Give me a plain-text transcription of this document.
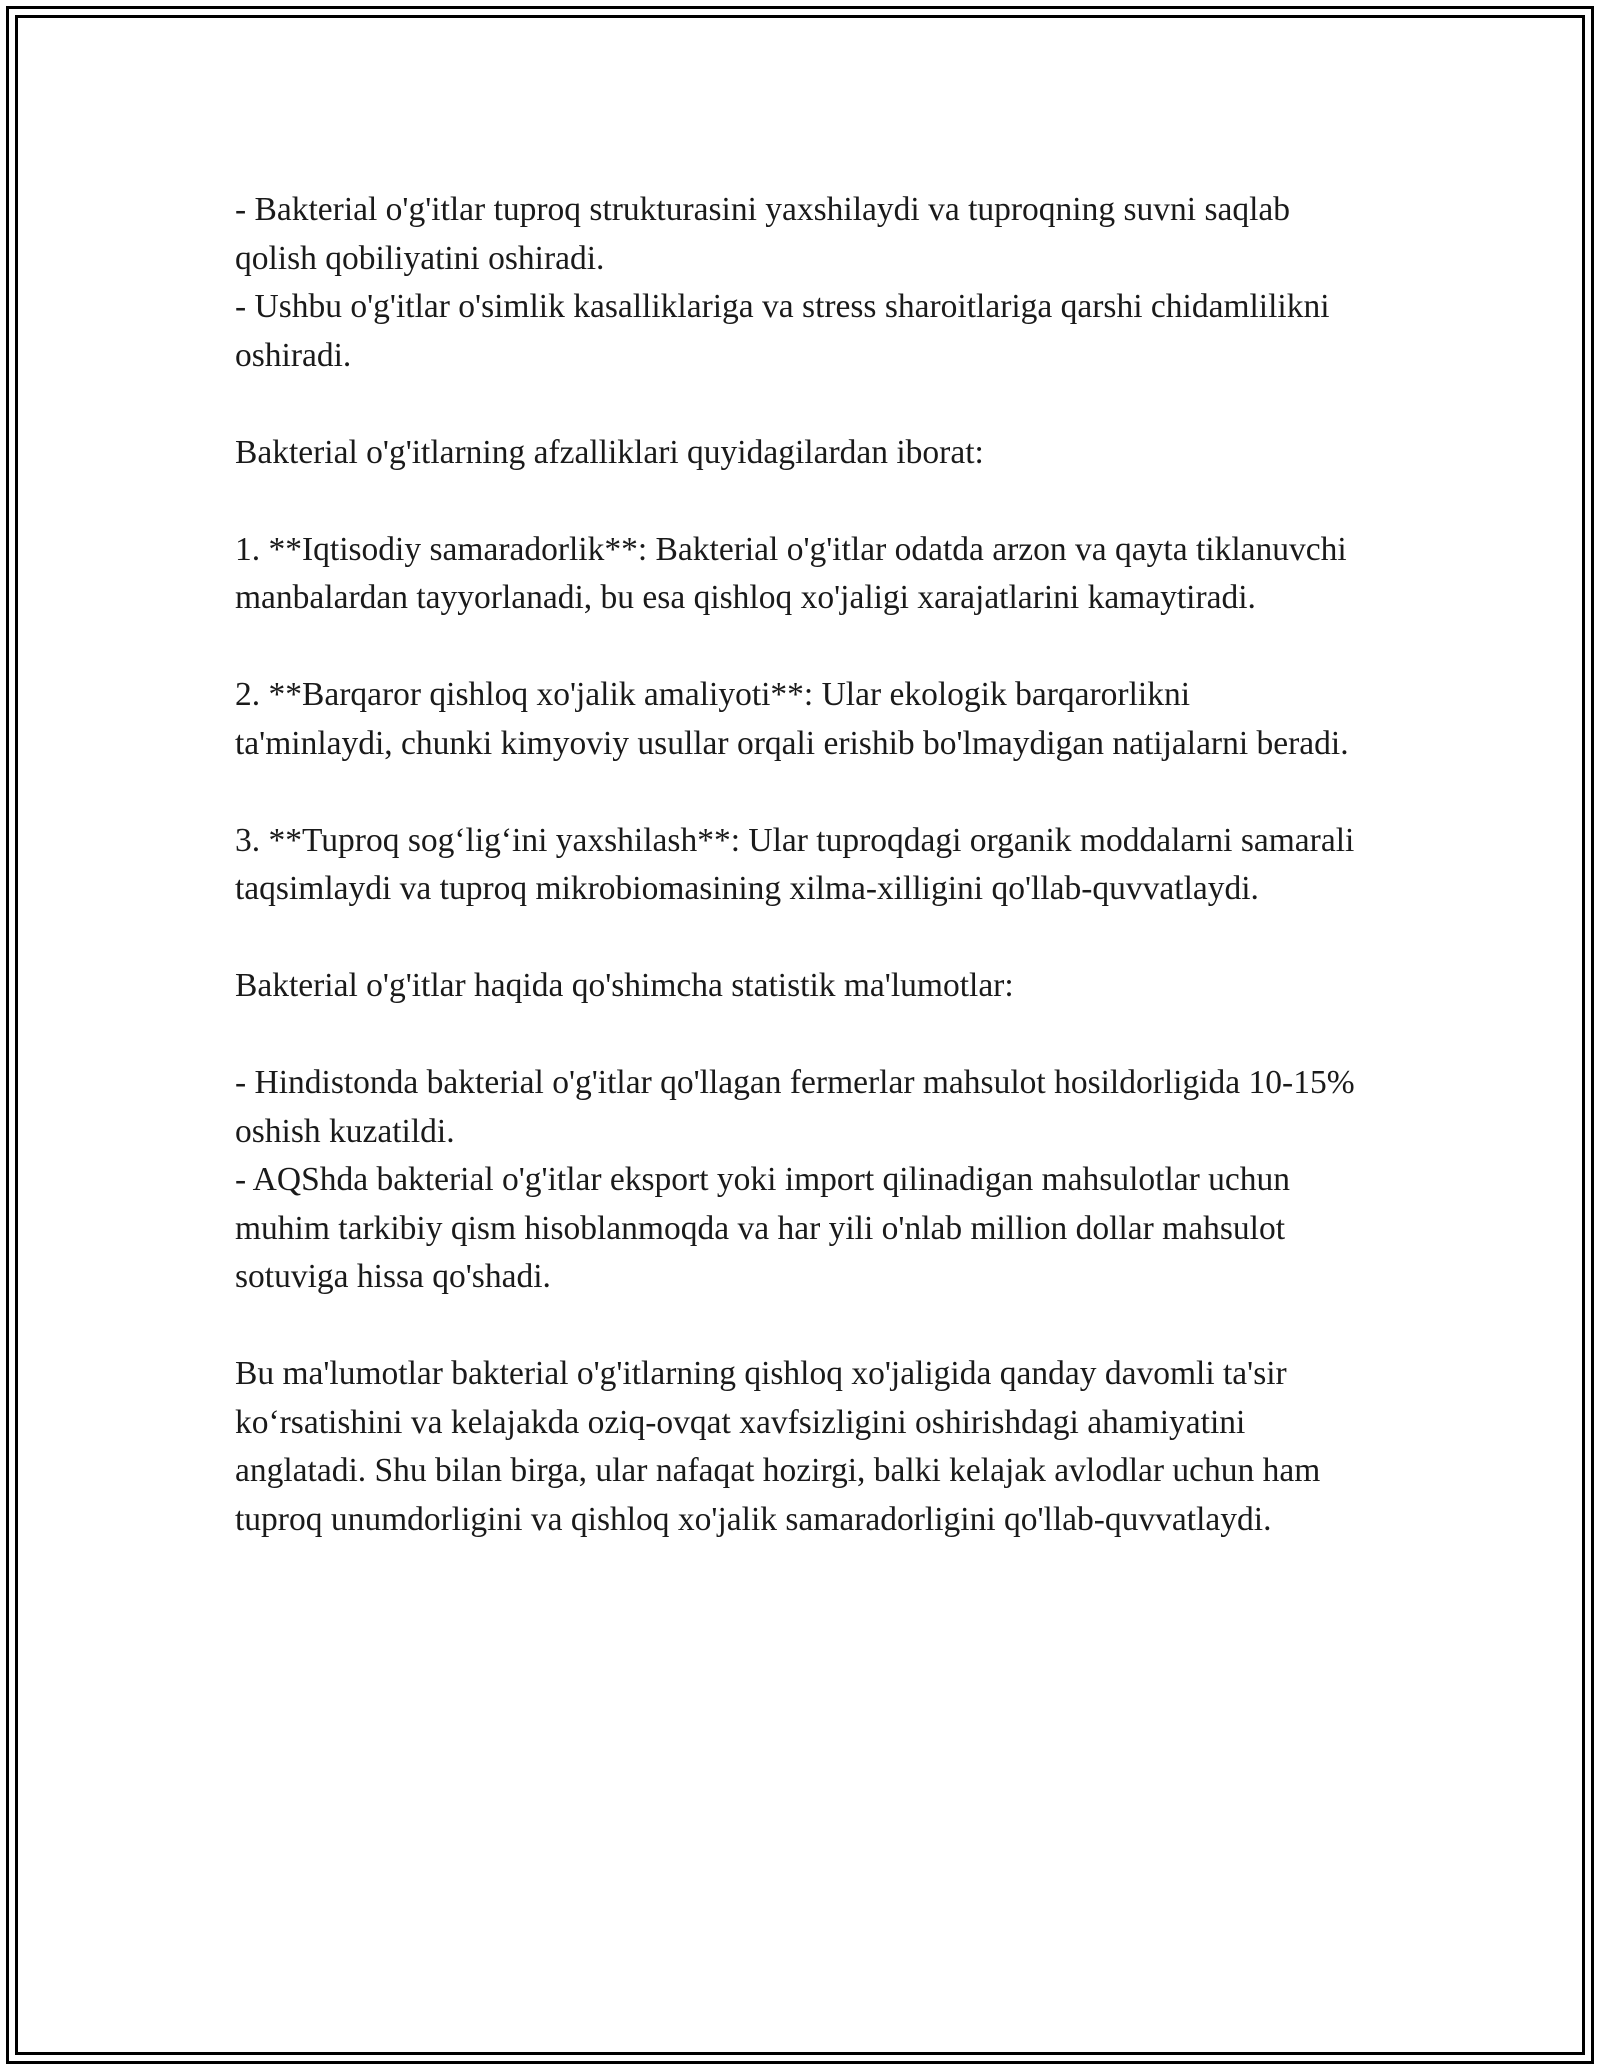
- Bakterial o'g'itlar tuproq strukturasini yaxshilaydi va tuproqning suvni saqlab qolish qobiliyatini oshiradi.
- Ushbu o'g'itlar o'simlik kasalliklariga va stress sharoitlariga qarshi chidamlilikni oshiradi.

Bakterial o'g'itlarning afzalliklari quyidagilardan iborat:

1. **Iqtisodiy samaradorlik**: Bakterial o'g'itlar odatda arzon va qayta tiklanuvchi manbalardan tayyorlanadi, bu esa qishloq xo'jaligi xarajatlarini kamaytiradi.

2. **Barqaror qishloq xo'jalik amaliyoti**: Ular ekologik barqarorlikni ta'minlaydi, chunki kimyoviy usullar orqali erishib bo'lmaydigan natijalarni beradi.

3. **Tuproq sog‘lig‘ini yaxshilash**: Ular tuproqdagi organik moddalarni samarali taqsimlaydi va tuproq mikrobiomasining xilma-xilligini qo'llab-quvvatlaydi.

Bakterial o'g'itlar haqida qo'shimcha statistik ma'lumotlar:

- Hindistonda bakterial o'g'itlar qo'llagan fermerlar mahsulot hosildorligida 10-15% oshish kuzatildi.
- AQShda bakterial o'g'itlar eksport yoki import qilinadigan mahsulotlar uchun muhim tarkibiy qism hisoblanmoqda va har yili o'nlab million dollar mahsulot sotuviga hissa qo'shadi.

Bu ma'lumotlar bakterial o'g'itlarning qishloq xo'jaligida qanday davomli ta'sir ko‘rsatishini va kelajakda oziq-ovqat xavfsizligini oshirishdagi ahamiyatini anglatadi. Shu bilan birga, ular nafaqat hozirgi, balki kelajak avlodlar uchun ham tuproq unumdorligini va qishloq xo'jalik samaradorligini qo'llab-quvvatlaydi.
